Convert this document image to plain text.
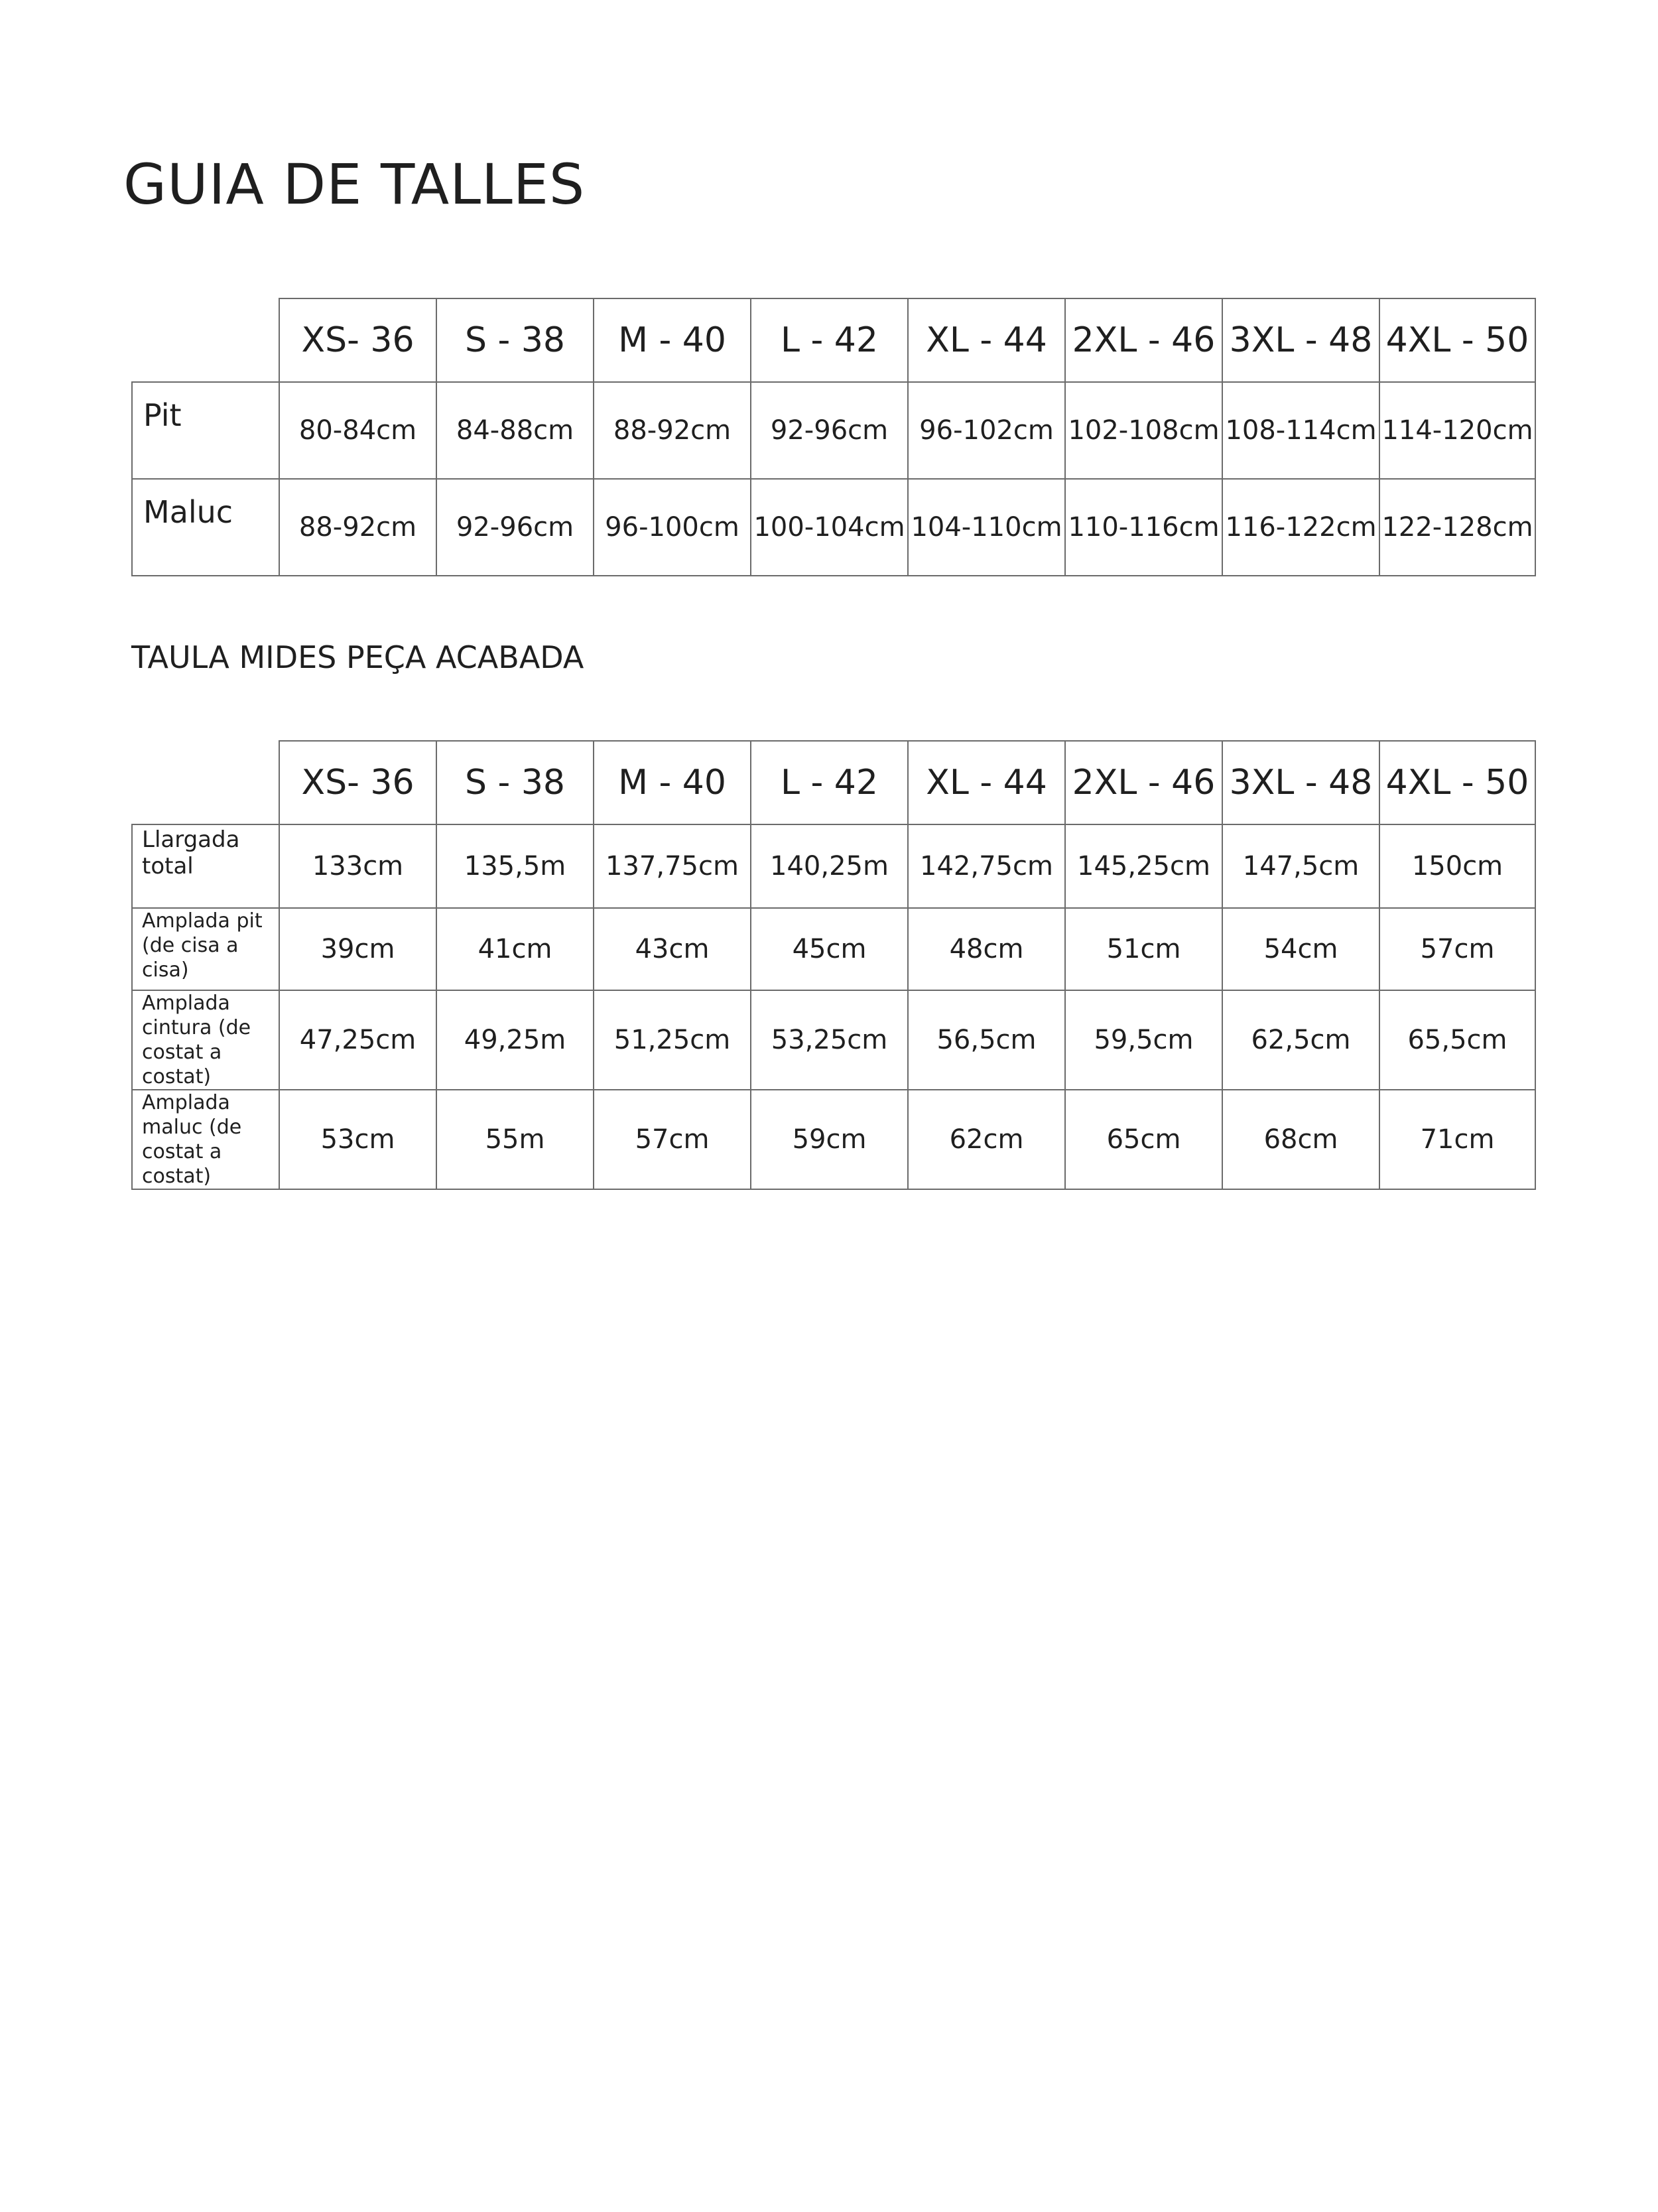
GUIA DE TALLES
	XS- 36	S - 38	M - 40	L - 42	XL - 44	2XL - 46	3XL - 48	4XL - 50
Pit	80-84cm	84-88cm	88-92cm	92-96cm	96-102cm	102-108cm	108-114cm	114-120cm
Maluc	88-92cm	92-96cm	96-100cm	100-104cm	104-110cm	110-116cm	116-122cm	122-128cm
TAULA MIDES PEÇA ACABADA
	XS- 36	S - 38	M - 40	L - 42	XL - 44	2XL - 46	3XL - 48	4XL - 50
Llargada total	133cm	135,5m	137,75cm	140,25m	142,75cm	145,25cm	147,5cm	150cm
Amplada pit (de cisa a cisa)	39cm	41cm	43cm	45cm	48cm	51cm	54cm	57cm
Amplada cintura (de costat a costat)	47,25cm	49,25m	51,25cm	53,25cm	56,5cm	59,5cm	62,5cm	65,5cm
Amplada maluc (de costat a costat)	53cm	55m	57cm	59cm	62cm	65cm	68cm	71cm
